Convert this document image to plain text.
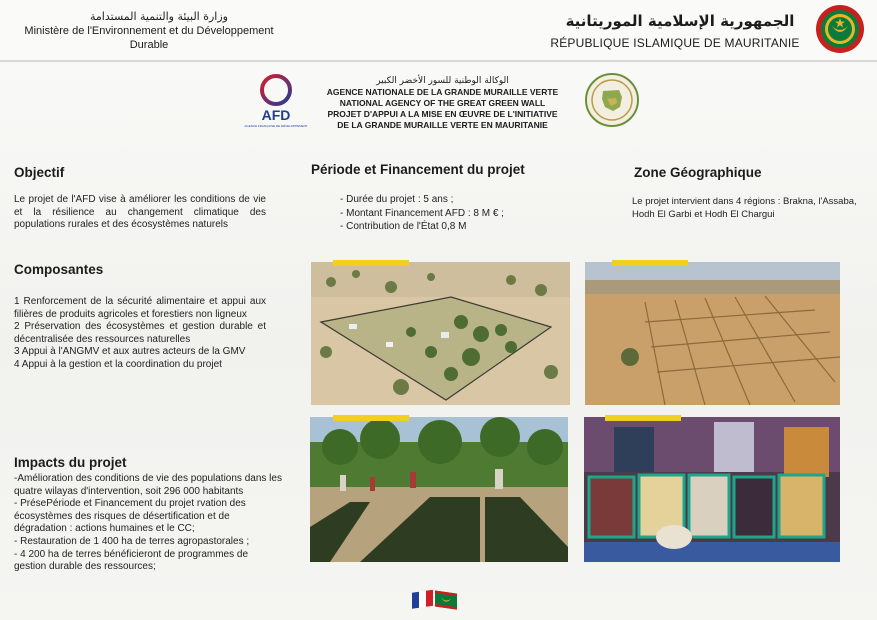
وزارة البيئة والتنمية المستدامة
Ministère de l'Environnement et du Développement Durable
الجمهورية الإسلامية الموريتانية
RÉPUBLIQUE ISLAMIQUE DE MAURITANIE
AFD
AGENCE FRANÇAISE DE DÉVELOPPEMENT
الوكالة الوطنية للسور الأخضر الكبير
AGENCE NATIONALE DE LA GRANDE MURAILLE VERTE
NATIONAL AGENCY OF THE GREAT GREEN WALL
PROJET D'APPUI A LA MISE EN ŒUVRE DE L'INITIATIVE
DE LA GRANDE MURAILLE VERTE EN MAURITANIE
Objectif
Le projet de l'AFD vise à améliorer les conditions de vie et la résilience au changement climatique des populations rurales et des écosystèmes naturels
Composantes

1 Renforcement de la sécurité alimentaire et appui aux filières de produits agricoles et forestiers non ligneux

2 Préservation des écosystèmes et gestion durable et décentralisée des ressources naturelles

3 Appui à l'ANGMV et aux autres acteurs de la GMV

4 Appui à la gestion et la coordination du projet

Impacts du projet

-Amélioration des conditions de vie des populations dans les quatre wilayas d'intervention, soit 296 000 habitants

- PrésePériode et Financement du projet rvation des écosystèmes des risques de désertification et de dégradation : actions humaines et le CC;

- Restauration de 1 400 ha de terres agropastorales ;

- 4 200 ha de terres bénéficieront de programmes de gestion durable des ressources;

Période et Financement du projet

- Durée du projet : 5 ans ;

- Montant Financement AFD : 8 M € ;

- Contribution de l'État 0,8 M

Zone Géographique
Le projet intervient dans 4 régions : Brakna, l'Assaba, Hodh El Garbi et Hodh El Chargui
